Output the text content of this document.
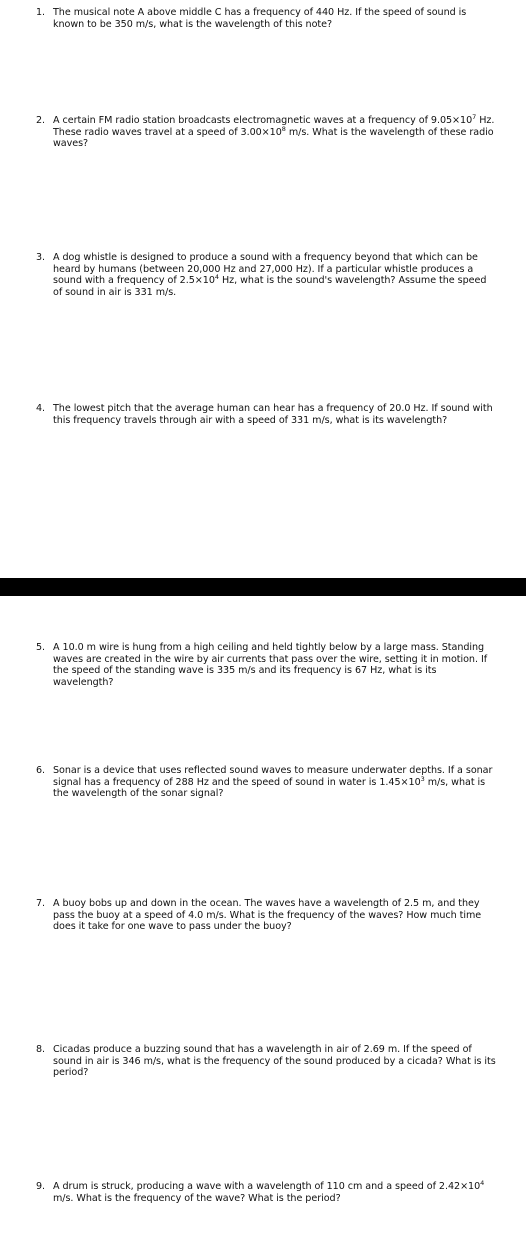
1. The musical note A above middle C has a frequency of 440 Hz. If the speed of sound is known to be 350 m/s, what is the wavelength of this note?
2. A certain FM radio station broadcasts electromagnetic waves at a frequency of $9.05\times 10^7$ Hz. These radio waves travel at a speed of $3.00\times 10^8$ m/s. What is the wavelength of these radio waves?
3. A dog whistle is designed to produce a sound with a frequency beyond that which can be heard by humans (between 20,000 Hz and 27,000 Hz). If a particular whistle produces a sound with a frequency of $2.5\times 10^4$ Hz, what is the sound's wavelength? Assume the speed of sound in air is 331 m/s.
4. The lowest pitch that the average human can hear has a frequency of 20.0 Hz. If sound with this frequency travels through air with a speed of 331 m/s, what is its wavelength?
5. A 10.0 m wire is hung from a high ceiling and held tightly below by a large mass. Standing waves are created in the wire by air currents that pass over the wire, setting it in motion. If the speed of the standing wave is 335 m/s and its frequency is 67 Hz, what is its wavelength?
6. Sonar is a device that uses reflected sound waves to measure underwater depths. If a sonar signal has a frequency of 288 Hz and the speed of sound in water is $1.45\times 10^3$ m/s, what is the wavelength of the sonar signal?
7. A buoy bobs up and down in the ocean. The waves have a wavelength of 2.5 m, and they pass the buoy at a speed of 4.0 m/s. What is the frequency of the waves? How much time does it take for one wave to pass under the buoy?
8. Cicadas produce a buzzing sound that has a wavelength in air of 2.69 m. If the speed of sound in air is 346 m/s, what is the frequency of the sound produced by a cicada? What is its period?
9. A drum is struck, producing a wave with a wavelength of 110 cm and a speed of $2.42\times 10^4$ m/s. What is the frequency of the wave? What is the period?
